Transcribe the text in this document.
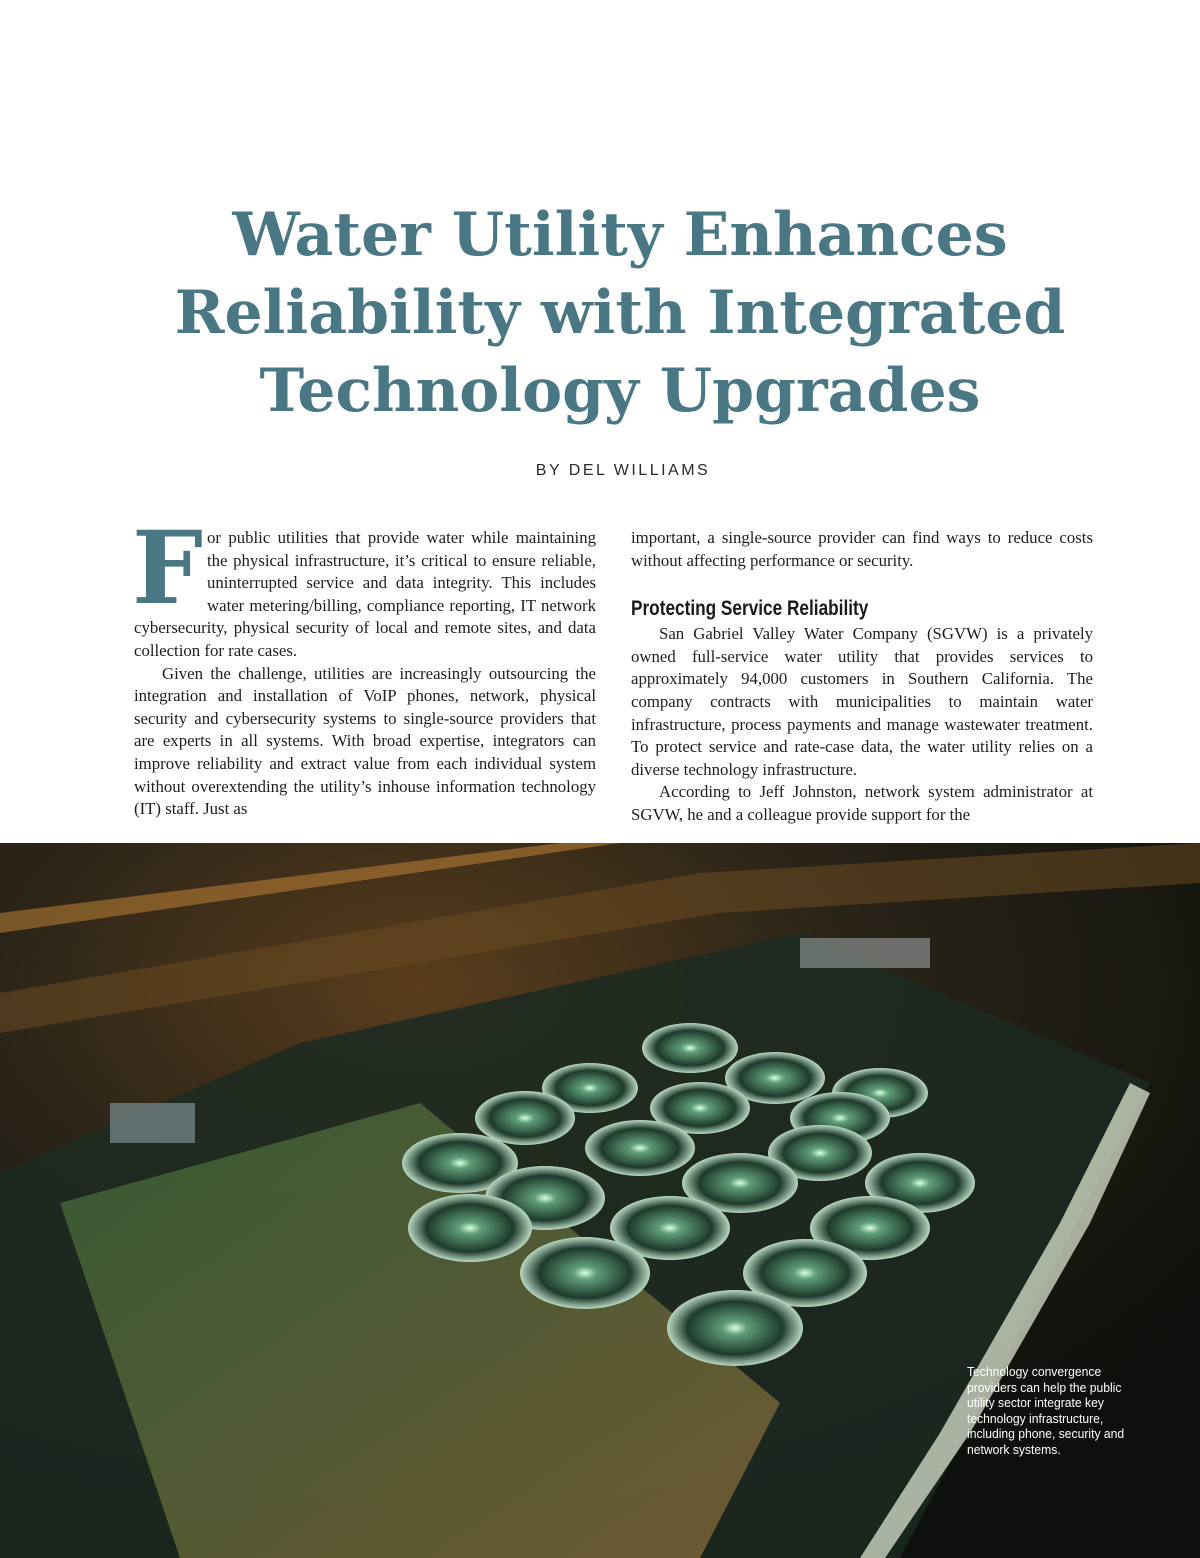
Water Utility Enhances
Reliability with Integrated
Technology Upgrades
BY DEL WILLIAMS

For public utilities that provide water while maintaining the physical infrastructure, it’s critical to ensure reliable, uninterrupted service and data integrity. This includes water metering/billing, compliance reporting, IT network cybersecurity, physical security of local and remote sites, and data collection for rate cases.

Given the challenge, utilities are increasingly outsourcing the integration and installation of VoIP phones, network, physical security and cybersecurity systems to single-source providers that are experts in all systems. With broad expertise, integrators can improve reliability and extract value from each individual system without overextending the utility’s inhouse information technology (IT) staff. Just as

important, a single-source provider can find ways to reduce costs without affecting performance or security.

Protecting Service Reliability

San Gabriel Valley Water Company (SGVW) is a privately owned full-service water utility that provides services to approximately 94,000 customers in Southern California. The company contracts with municipalities to maintain water infrastructure, process payments and manage wastewater treatment. To protect service and rate-case data, the water utility relies on a diverse technology infrastructure.

According to Jeff Johnston, network system administrator at SGVW, he and a colleague provide support for the

Technology convergence providers can help the public utility sector integrate key technology infrastructure, including phone, security and network systems.
